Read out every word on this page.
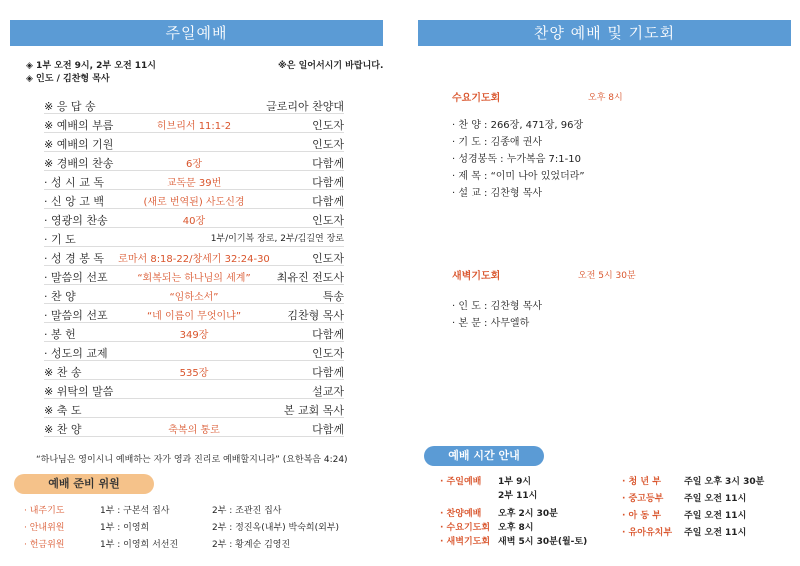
주일예배
◈ 1부 오전 9시, 2부 오전 11시	※은 일어서시기 바랍니다.
◈ 인도 / 김찬형 목사
※ 응 답 송	글로리아 찬양대
※ 예배의 부름	히브리서 11:1-2	인도자
※ 예배의 기원	인도자
※ 경배의 찬송	6장	다함께
· 성 시 교 독	교독문 39번	다함께
· 신 앙 고 백	(새로 번역된) 사도신경	다함께
· 영광의 찬송	40장	인도자
· 기 도	1부/이기복 장로, 2부/김길연 장로
· 성 경 봉 독	로마서 8:18-22/창세기 32:24-30	인도자
· 말씀의 선포	“회복되는 하나님의 세계”	최유진 전도사
· 찬 양	“임하소서”	특송
· 말씀의 선포	“네 이름이 무엇이냐”	김찬형 목사
· 봉 헌	349장	다함께
· 성도의 교제	인도자
※ 찬 송	535장	다함께
※ 위탁의 말씀	설교자
※ 축 도	본 교회 목사
※ 찬 양	축복의 통로	다함께
“하나님은 영이시니 예배하는 자가 영과 진리로 예배할지니라” (요한복음 4:24)
예배 준비 위원
· 내주기도	1부 : 구본석 집사	2부 : 조관진 집사
· 안내위원	1부 : 이영희	2부 : 정진옥(내부) 박숙희(외부)
· 헌금위원	1부 : 이영희 서선진	2부 : 황계순 김영진
찬양 예배 및 기도회
수요기도회	오후 8시
· 찬 양 : 266장, 471장, 96장
· 기 도 : 김종애 권사
· 성경봉독 : 누가복음 7:1-10
· 제 목 : “이미 나아 있었더라”
· 설 교 : 김찬형 목사
새벽기도회	오전 5시 30분
· 인 도 : 김찬형 목사
· 본 문 : 사무엘하
예배 시간 안내
· 주일예배 1부 9시
2부 11시
· 찬양예배 오후 2시 30분
· 수요기도회 오후 8시
· 새벽기도회 새벽 5시 30분(월-토)
· 청 년 부	주일 오후 3시 30분
· 중고등부 주일 오전 11시
· 아 동 부	주일 오전 11시
· 유아유치부 주일 오전 11시
